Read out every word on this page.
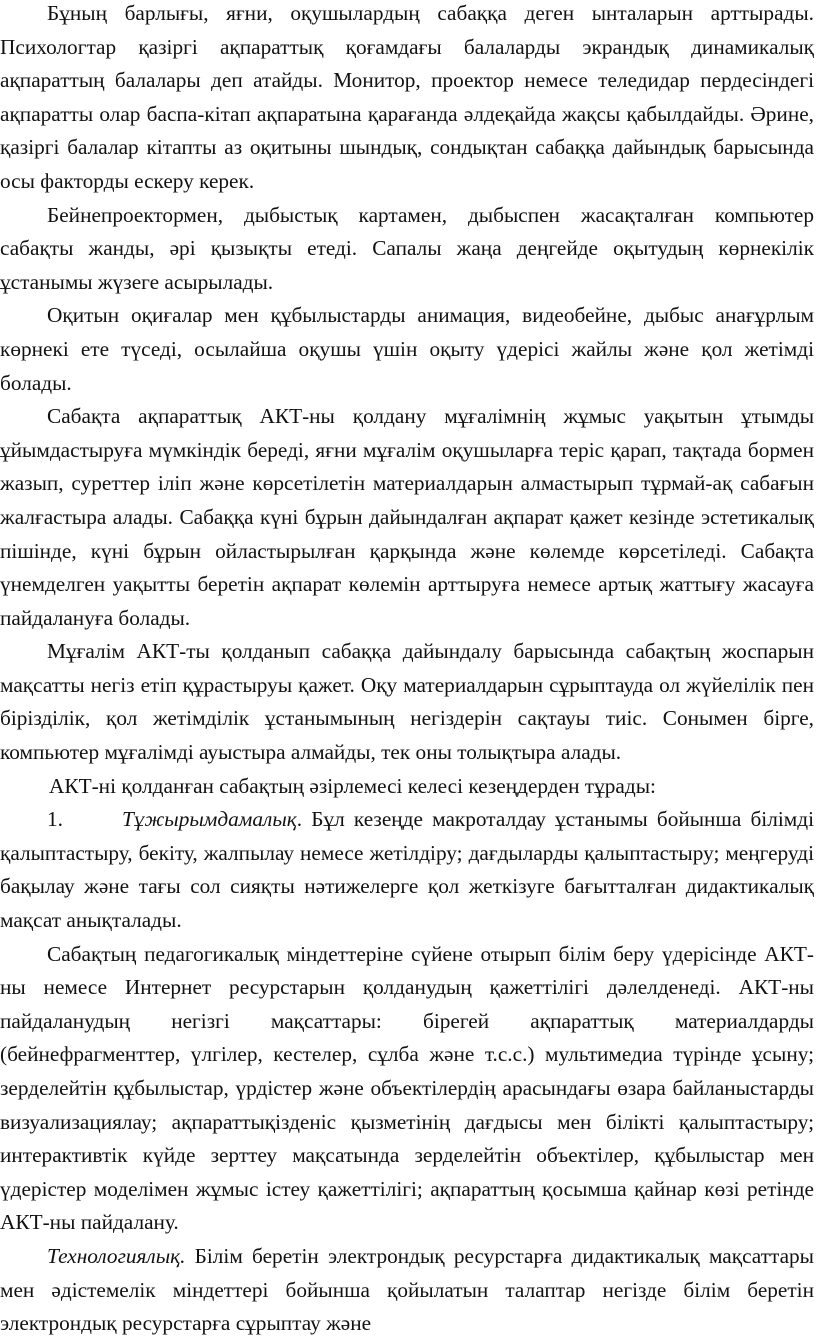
Бұның барлығы, яғни, оқушылардың сабаққа деген ынталарын арттырады. Психологтар қазіргі ақпараттық қоғамдағы балаларды экрандық динамикалық ақпараттың балалары деп атайды. Монитор, проектор немесе теледидар пердесіндегі ақпаратты олар баспа-кітап ақпаратына қарағанда әлдеқайда жақсы қабылдайды. Әрине, қазіргі балалар кітапты аз оқитыны шындық, сондықтан сабаққа дайындық барысында осы факторды ескеру керек.

Бейнепроектормен, дыбыстық картамен, дыбыспен жасақталған компьютер сабақты жанды, әрі қызықты етеді. Сапалы жаңа деңгейде оқытудың көрнекілік ұстанымы жүзеге асырылады.

Оқитын оқиғалар мен құбылыстарды анимация, видеобейне, дыбыс анағұрлым көрнекі ете түседі, осылайша оқушы үшін оқыту үдерісі жайлы және қол жетімді болады.

Сабақта ақпараттық АКТ-ны қолдану мұғалімнің жұмыс уақытын ұтымды ұйымдастыруға мүмкіндік береді, яғни мұғалім оқушыларға теріс қарап, тақтада бормен жазып, суреттер іліп және көрсетілетін материалдарын алмастырып тұрмай-ақ сабағын жалғастыра алады. Сабаққа күні бұрын дайындалған ақпарат қажет кезінде эстетикалық пішінде, күні бұрын ойластырылған қарқында және көлемде көрсетіледі. Сабақта үнемделген уақытты беретін ақпарат көлемін арттыруға немесе артық жаттығу жасауға пайдалануға болады.

Мұғалім АКТ-ты қолданып сабаққа дайындалу барысында сабақтың жоспарын мақсатты негіз етіп құрастыруы қажет. Оқу материалдарын сұрыптауда ол жүйелілік пен біріздiлік, қол жетімділік ұстанымының негіздерін сақтауы тиіс. Сонымен бірге, компьютер мұғалімді ауыстыра алмайды, тек оны толықтыра алады.

АКТ-ні қолданған сабақтың әзірлемесі келесі кезеңдерден тұрады:

1.	Тұжырымдамалық. Бұл кезеңде макроталдау ұстанымы бойынша білімді қалыптастыру, бекіту, жалпылау немесе жетілдіру; дағдыларды қалыптастыру; меңгеруді бақылау және тағы сол сияқты нәтижелерге қол жеткізуге бағытталған дидактикалық мақсат анықталады.

Сабақтың педагогикалық міндеттеріне сүйене отырып білім беру үдерісінде АКТ-ны немесе Интернет ресурстарын қолданудың қажеттілігі дәлелденеді. АКТ-ны пайдаланудың негізгі мақсаттары: бірегей ақпараттық материалдарды (бейнефрагменттер, үлгілер, кестелер, сұлба және т.с.с.) мультимедиа түрінде ұсыну; зерделейтін құбылыстар, үрдістер және объектілердің арасындағы өзара байланыстарды визуализациялау; ақпараттықізденіс қызметінің дағдысы мен білікті қалыптастыру; интерактивтік күйде зерттеу мақсатында зерделейтін объектілер, құбылыстар мен үдерістер моделімен жұмыс істеу қажеттілігі; ақпараттың қосымша қайнар көзі ретінде АКТ-ны пайдалану.

Технологиялық. Білім беретін электрондық ресурстарға дидактикалық мақсаттары мен әдістемелік міндеттері бойынша қойылатын талаптар негізде білім беретін электрондық ресурстарға сұрыптау және
